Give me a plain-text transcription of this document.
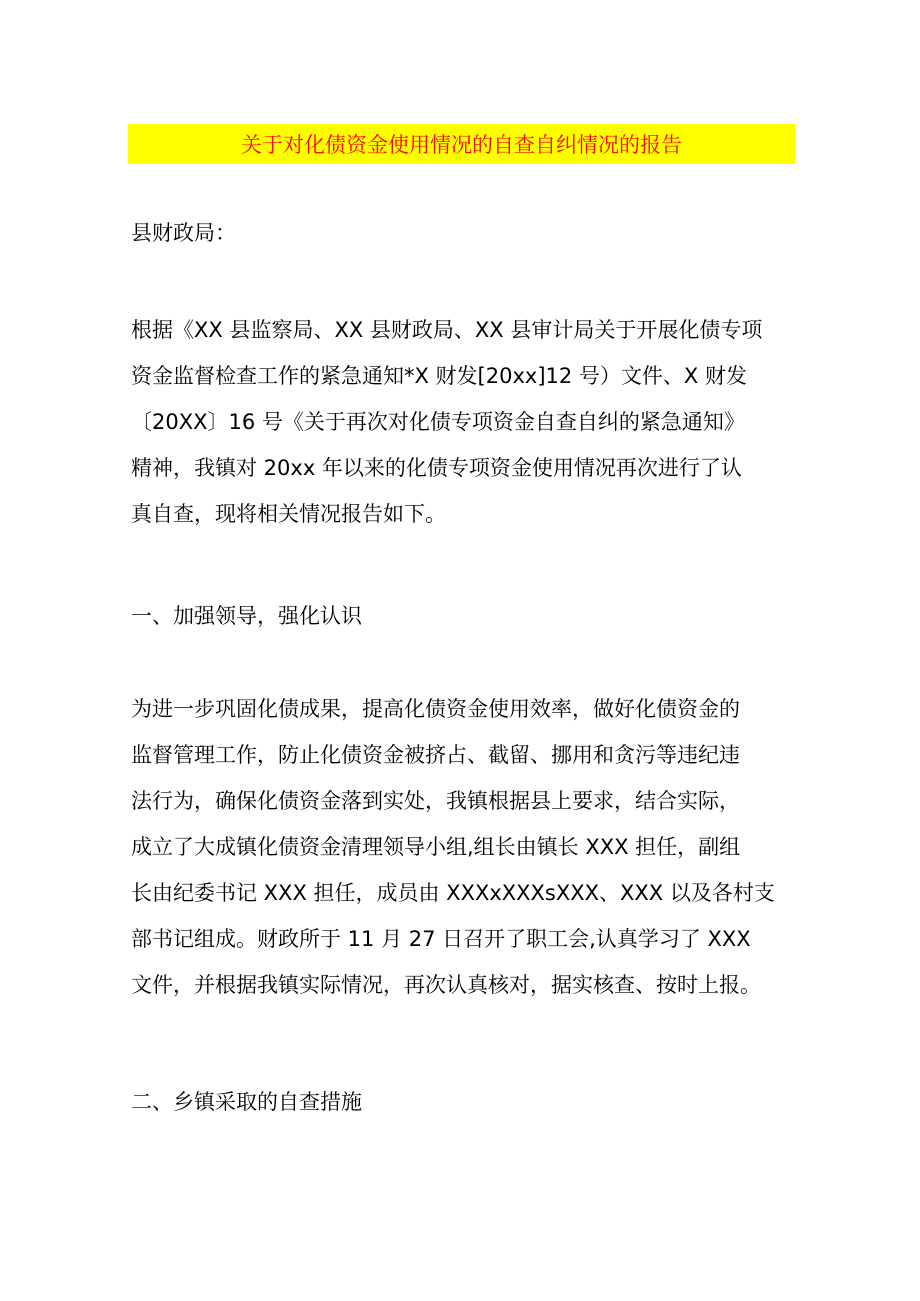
关于对化债资金使用情况的自查自纠情况的报告
县财政局：
根据《XX 县监察局、XX 县财政局、XX 县审计局关于开展化债专项
资金监督检查工作的紧急通知*X 财发[20xx]12 号）文件、X 财发
〔20XX〕16 号《关于再次对化债专项资金自查自纠的紧急通知》
精神，我镇对 20xx 年以来的化债专项资金使用情况再次进行了认
真自查，现将相关情况报告如下。
一、加强领导，强化认识
为进一步巩固化债成果，提高化债资金使用效率，做好化债资金的
监督管理工作，防止化债资金被挤占、截留、挪用和贪污等违纪违
法行为，确保化债资金落到实处，我镇根据县上要求，结合实际，
成立了大成镇化债资金清理领导小组,组长由镇长 XXX 担任，副组
长由纪委书记 XXX 担任，成员由 XXXxXXXsXXX、XXX 以及各村支
部书记组成。财政所于 11 月 27 日召开了职工会,认真学习了 XXX
文件，并根据我镇实际情况，再次认真核对，据实核查、按时上报。
二、乡镇采取的自查措施
